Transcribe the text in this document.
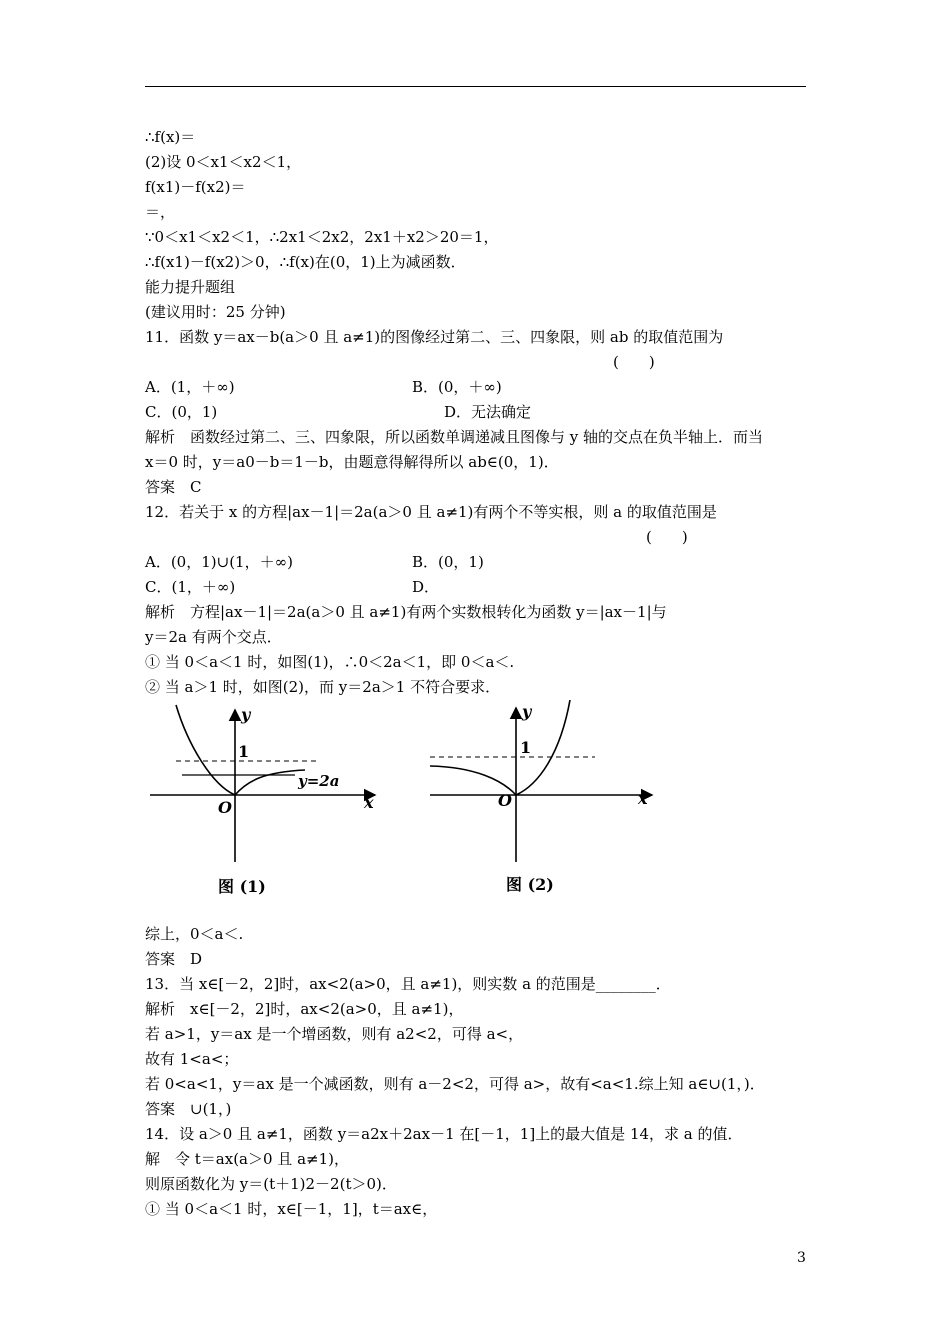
∴f(x)＝
(2)设 0＜x1＜x2＜1，
f(x1)－f(x2)＝
＝，
∵0＜x1＜x2＜1，∴2x1＜2x2，2x1＋x2＞20＝1，
∴f(x1)－f(x2)＞0，∴f(x)在(0，1)上为减函数．
能力提升题组
(建议用时：25 分钟)
11．函数 y＝ax－b(a＞0 且 a≠1)的图像经过第二、三、四象限，则 ab 的取值范围为
(　　)
A．(1，＋∞)	B．(0，＋∞)
C．(0，1)	D．无法确定
解析　函数经过第二、三、四象限，所以函数单调递减且图像与 y 轴的交点在负半轴上．而当
x＝0 时，y＝a0－b＝1－b，由题意得解得所以 ab∈(0，1)．
答案　C
12．若关于 x 的方程|ax－1|＝2a(a＞0 且 a≠1)有两个不等实根，则 a 的取值范围是
(　　)
A．(0，1)∪(1，＋∞)	B．(0，1)
C．(1，＋∞)	D．
解析　方程|ax－1|＝2a(a＞0 且 a≠1)有两个实数根转化为函数 y＝|ax－1|与
y＝2a 有两个交点．
① 当 0＜a＜1 时，如图(1)，∴0＜2a＜1，即 0＜a＜.
② 当 a＞1 时，如图(2)，而 y＝2a＞1 不符合要求．
y
x
O
1
y=2a
图 (1)
y
x
O
1
图 (2)
综上，0＜a＜.
答案　D
13．当 x∈[－2，2]时，ax<2(a>0，且 a≠1)，则实数 a 的范围是________．
解析　x∈[－2，2]时，ax<2(a>0，且 a≠1)，
若 a>1，y＝ax 是一个增函数，则有 a2<2，可得 a<，
故有 1<a<；
若 0<a<1，y＝ax 是一个减函数，则有 a－2<2，可得 a>，故有<a<1.综上知 a∈∪(1，)．
答案　∪(1，)
14．设 a＞0 且 a≠1，函数 y＝a2x＋2ax－1 在[－1，1]上的最大值是 14，求 a 的值．
解　令 t＝ax(a＞0 且 a≠1)，
则原函数化为 y＝(t＋1)2－2(t＞0)．
① 当 0＜a＜1 时，x∈[－1，1]，t＝ax∈，
3
